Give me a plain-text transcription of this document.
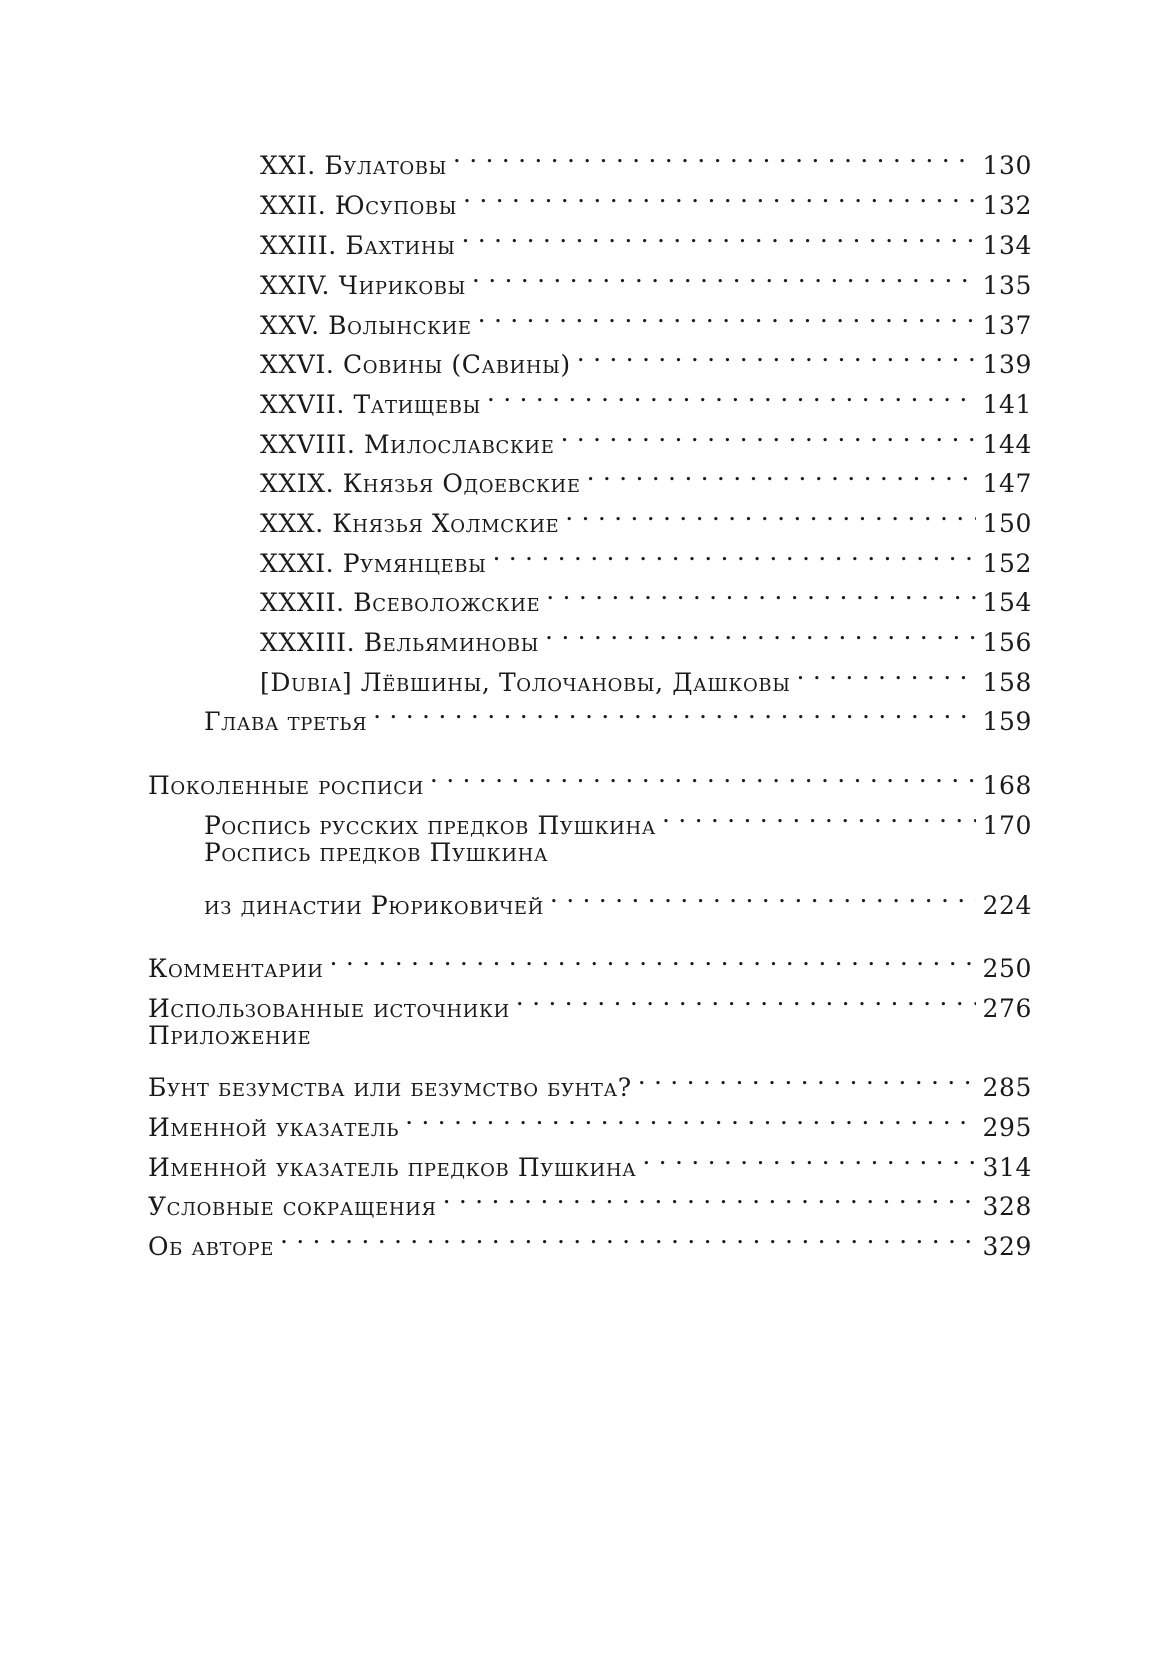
XXI. Булатовы . . .	130
XXII. Юсуповы . . .	132
XXIII. Бахтины . . .	134
XXIV. Чириковы . . .	135
XXV. Волынские . . .	137
XXVI. Совины (Савины) . . .	139
XXVII. Татищевы . . .	141
XXVIII. Милославские . . .	144
XXIX. Князья Одоевские . . .	147
XXX. Князья Холмские . . .	150
XXXI. Румянцевы . . .	152
XXXII. Всеволожские . . .	154
XXXIII. Вельяминовы . . .	156
[Dubia] Лёвшины, Толочановы, Дашковы . . .	158
Глава третья . . .	159
Поколенные росписи . . .	168
Роспись русских предков Пушкина . . .	170
Роспись предков Пушкина
из династии Рюриковичей . . .	224
Комментарии . . .	250
Использованные источники . . .	276
Приложение
Бунт безумства или безумство бунта? . . .	285
Именной указатель . . .	295
Именной указатель предков Пушкина . . .	314
Условные сокращения . . .	328
Об авторе . . .	329
